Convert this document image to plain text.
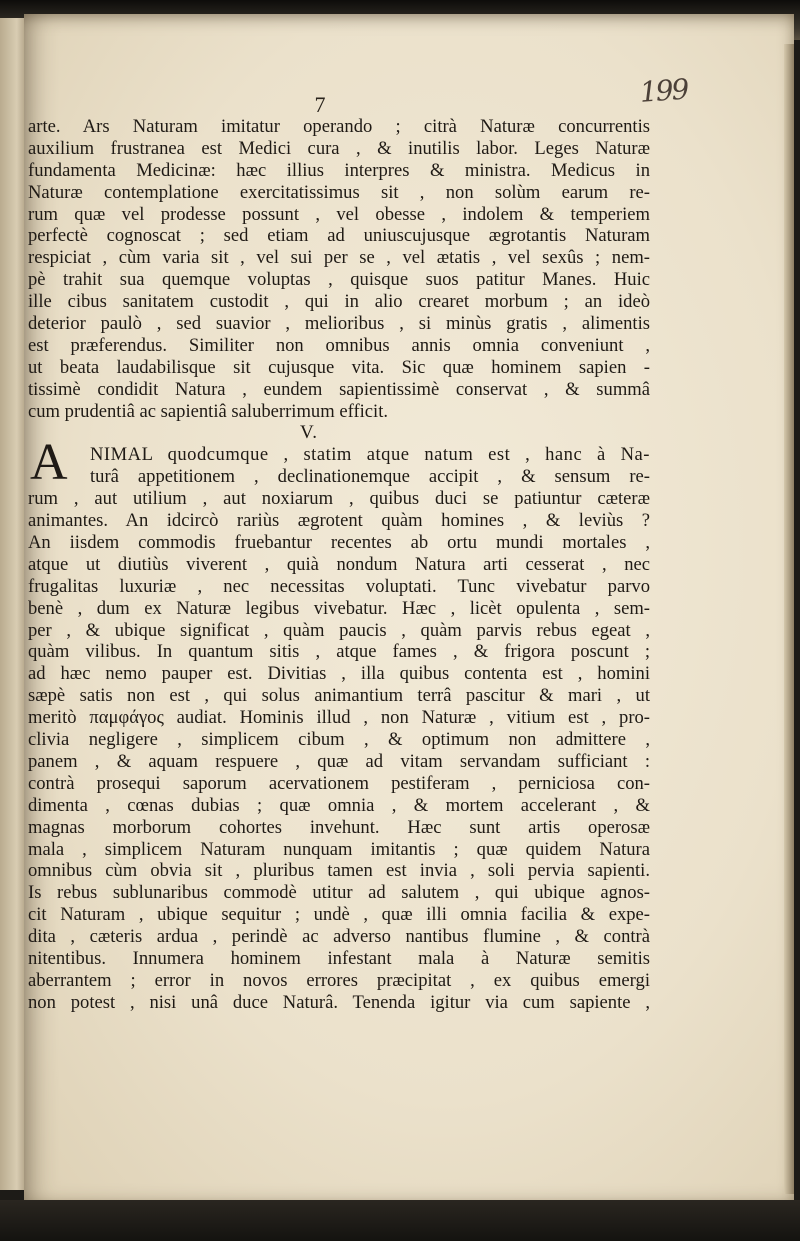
199
7
arte. Ars Naturam imitatur operando ; citrà Naturæ concurrentis
auxilium frustranea est Medici cura , & inutilis labor. Leges Naturæ
fundamenta Medicinæ: hæc illius interpres & ministra. Medicus in
Naturæ contemplatione exercitatissimus sit , non solùm earum re-
rum quæ vel prodesse possunt , vel obesse , indolem & temperiem
perfectè cognoscat ; sed etiam ad uniuscujusque ægrotantis Naturam
respiciat , cùm varia sit , vel sui per se , vel ætatis , vel sexûs ; nem-
pè trahit sua quemque voluptas , quisque suos patitur Manes. Huic
ille cibus sanitatem custodit , qui in alio crearet morbum ; an ideò
deterior paulò , sed suavior , melioribus , si minùs gratis , alimentis
est præferendus. Similiter non omnibus annis omnia conveniunt ,
ut beata laudabilisque sit cujusque vita. Sic quæ hominem sapien -
tissimè condidit Natura , eundem sapientissimè conservat , & summâ
cum prudentiâ ac sapientiâ saluberrimum efficit.
V.
A NIMAL quodcumque , statim atque natum est , hanc à Na-
turâ appetitionem , declinationemque accipit , & sensum re-
rum , aut utilium , aut noxiarum , quibus duci se patiuntur cæteræ
animantes. An idcircò rariùs ægrotent quàm homines , & leviùs ?
An iisdem commodis fruebantur recentes ab ortu mundi mortales ,
atque ut diutiùs viverent , quià nondum Natura arti cesserat , nec
frugalitas luxuriæ , nec necessitas voluptati. Tunc vivebatur parvo
benè , dum ex Naturæ legibus vivebatur. Hæc , licèt opulenta , sem-
per , & ubique significat , quàm paucis , quàm parvis rebus egeat ,
quàm vilibus. In quantum sitis , atque fames , & frigora poscunt ;
ad hæc nemo pauper est. Divitias , illa quibus contenta est , homini
sæpè satis non est , qui solus animantium terrâ pascitur & mari , ut
meritò παμφάγος audiat. Hominis illud , non Naturæ , vitium est , pro-
clivia negligere , simplicem cibum , & optimum non admittere ,
panem , & aquam respuere , quæ ad vitam servandam sufficiant :
contrà prosequi saporum acervationem pestiferam , perniciosa con-
dimenta , cœnas dubias ; quæ omnia , & mortem accelerant , &
magnas morborum cohortes invehunt. Hæc sunt artis operosæ
mala , simplicem Naturam nunquam imitantis ; quæ quidem Natura
omnibus cùm obvia sit , pluribus tamen est invia , soli pervia sapienti.
Is rebus sublunaribus commodè utitur ad salutem , qui ubique agnos-
cit Naturam , ubique sequitur ; undè , quæ illi omnia facilia & expe-
dita , cæteris ardua , perindè ac adverso nantibus flumine , & contrà
nitentibus. Innumera hominem infestant mala à Naturæ semitis
aberrantem ; error in novos errores præcipitat , ex quibus emergi
non potest , nisi unâ duce Naturâ. Tenenda igitur via cum sapiente ,
